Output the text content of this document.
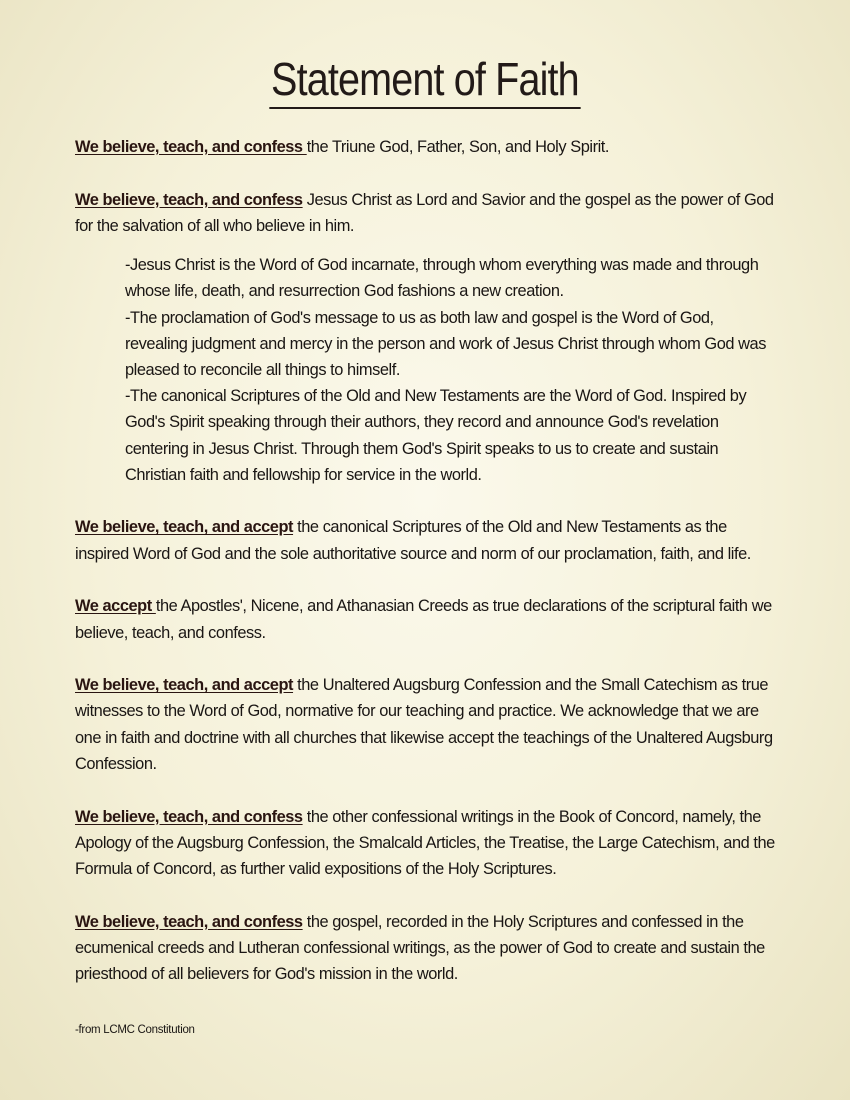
Statement of Faith

We believe, teach, and confess the Triune God, Father, Son, and Holy Spirit.

We believe, teach, and confess Jesus Christ as Lord and Savior and the gospel as the power of God for the salvation of all who believe in him.

-Jesus Christ is the Word of God incarnate, through whom everything was made and through whose life, death, and resurrection God fashions a new creation.
-The proclamation of God's message to us as both law and gospel is the Word of God, revealing judgment and mercy in the person and work of Jesus Christ through whom God was pleased to reconcile all things to himself.
-The canonical Scriptures of the Old and New Testaments are the Word of God. Inspired by God's Spirit speaking through their authors, they record and announce God's revelation centering in Jesus Christ. Through them God's Spirit speaks to us to create and sustain Christian faith and fellowship for service in the world.

We believe, teach, and accept the canonical Scriptures of the Old and New Testaments as the inspired Word of God and the sole authoritative source and norm of our proclamation, faith, and life.

We accept the Apostles', Nicene, and Athanasian Creeds as true declarations of the scriptural faith we believe, teach, and confess.

We believe, teach, and accept the Unaltered Augsburg Confession and the Small Catechism as true witnesses to the Word of God, normative for our teaching and practice. We acknowledge that we are one in faith and doctrine with all churches that likewise accept the teachings of the Unaltered Augsburg Confession.

We believe, teach, and confess the other confessional writings in the Book of Concord, namely, the Apology of the Augsburg Confession, the Smalcald Articles, the Treatise, the Large Catechism, and the Formula of Concord, as further valid expositions of the Holy Scriptures.

We believe, teach, and confess the gospel, recorded in the Holy Scriptures and confessed in the ecumenical creeds and Lutheran confessional writings, as the power of God to create and sustain the priesthood of all believers for God's mission in the world.

-from LCMC Constitution
